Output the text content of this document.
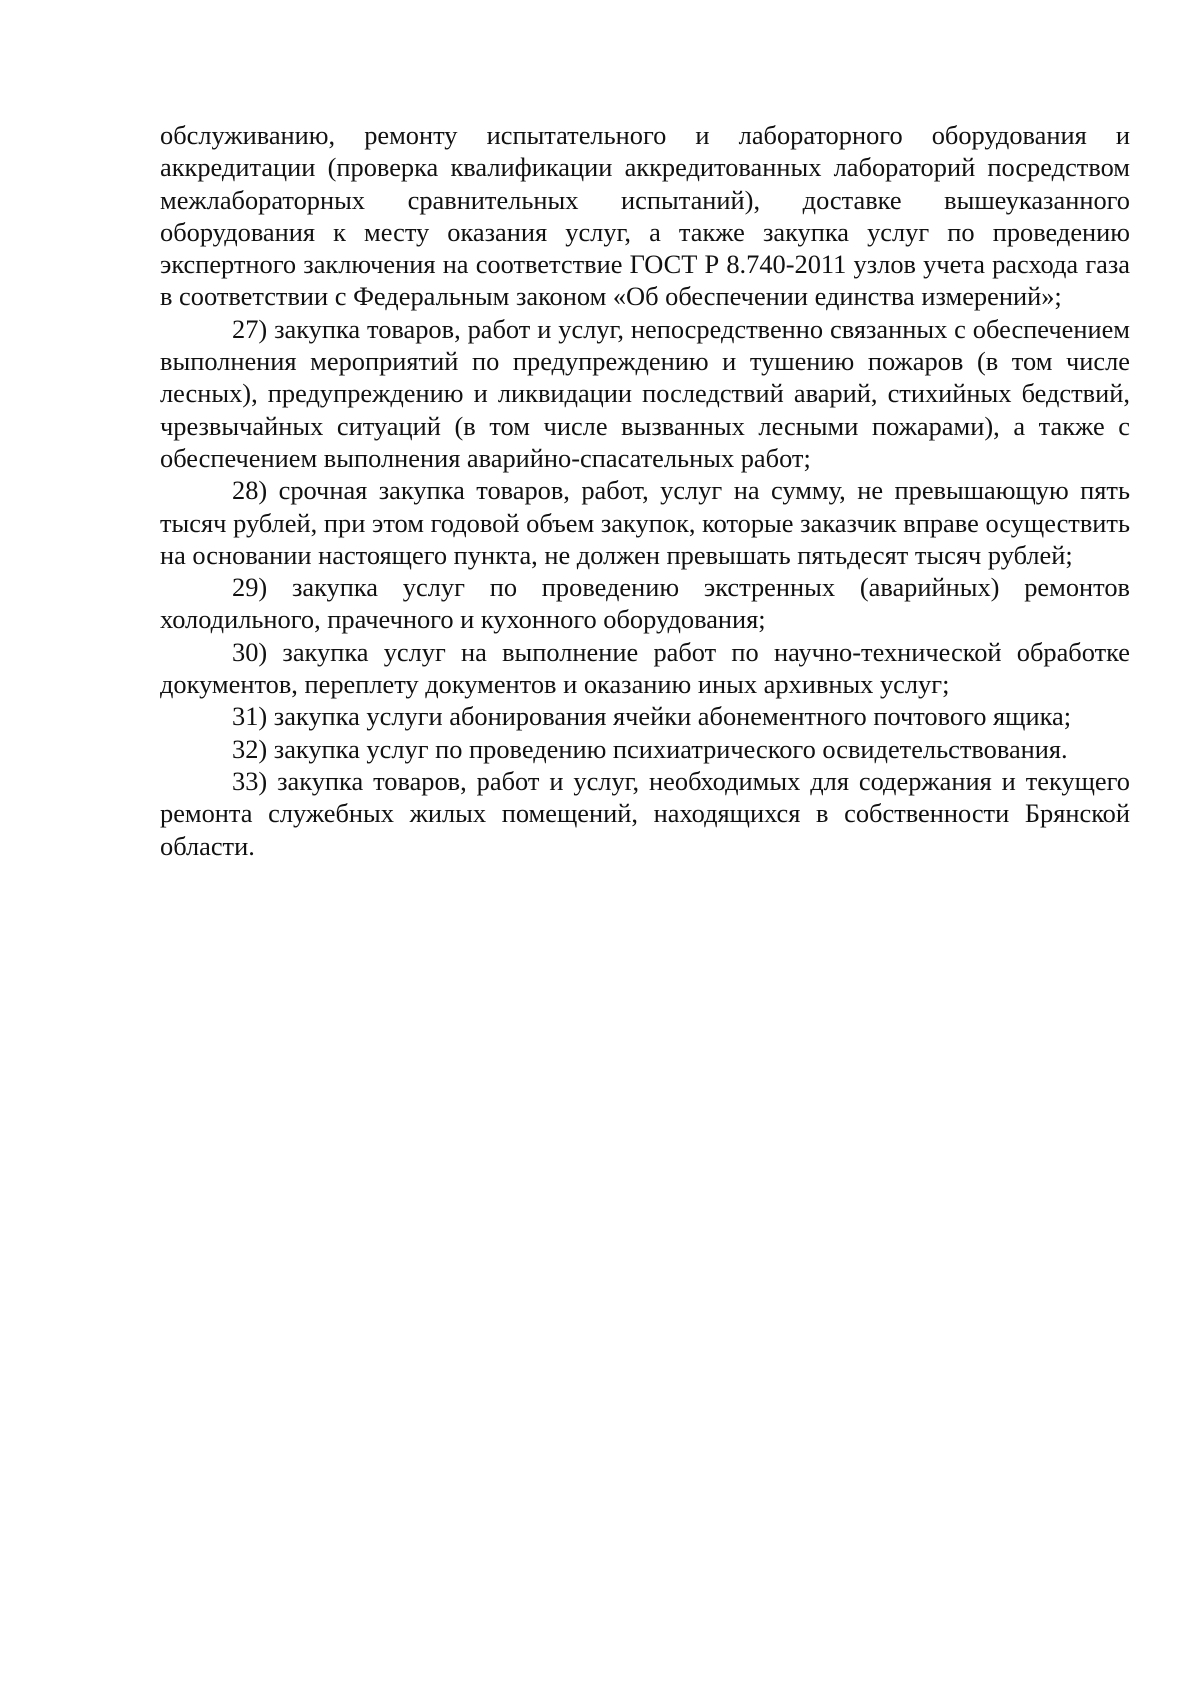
обслуживанию, ремонту испытательного и лабораторного оборудования и аккредитации (проверка квалификации аккредитованных лабораторий посредством межлабораторных сравнительных испытаний), доставке вышеуказанного оборудования к месту оказания услуг, а также закупка услуг по проведению экспертного заключения на соответствие ГОСТ Р 8.740-2011 узлов учета расхода газа в соответствии с Федеральным законом «Об обеспечении единства измерений»;

27) закупка товаров, работ и услуг, непосредственно связанных с обеспечением выполнения мероприятий по предупреждению и тушению пожаров (в том числе лесных), предупреждению и ликвидации последствий аварий, стихийных бедствий, чрезвычайных ситуаций (в том числе вызванных лесными пожарами), а также с обеспечением выполнения аварийно-спасательных работ;

28) срочная закупка товаров, работ, услуг на сумму, не превышающую пять тысяч рублей, при этом годовой объем закупок, которые заказчик вправе осуществить на основании настоящего пункта, не должен превышать пятьдесят тысяч рублей;

29) закупка услуг по проведению экстренных (аварийных) ремонтов холодильного, прачечного и кухонного оборудования;

30) закупка услуг на выполнение работ по научно-технической обработке документов, переплету документов и оказанию иных архивных услуг;

31) закупка услуги абонирования ячейки абонементного почтового ящика;

32) закупка услуг по проведению психиатрического освидетельствования.

33) закупка товаров, работ и услуг, необходимых для содержания и текущего ремонта служебных жилых помещений, находящихся в собственности Брянской области.
